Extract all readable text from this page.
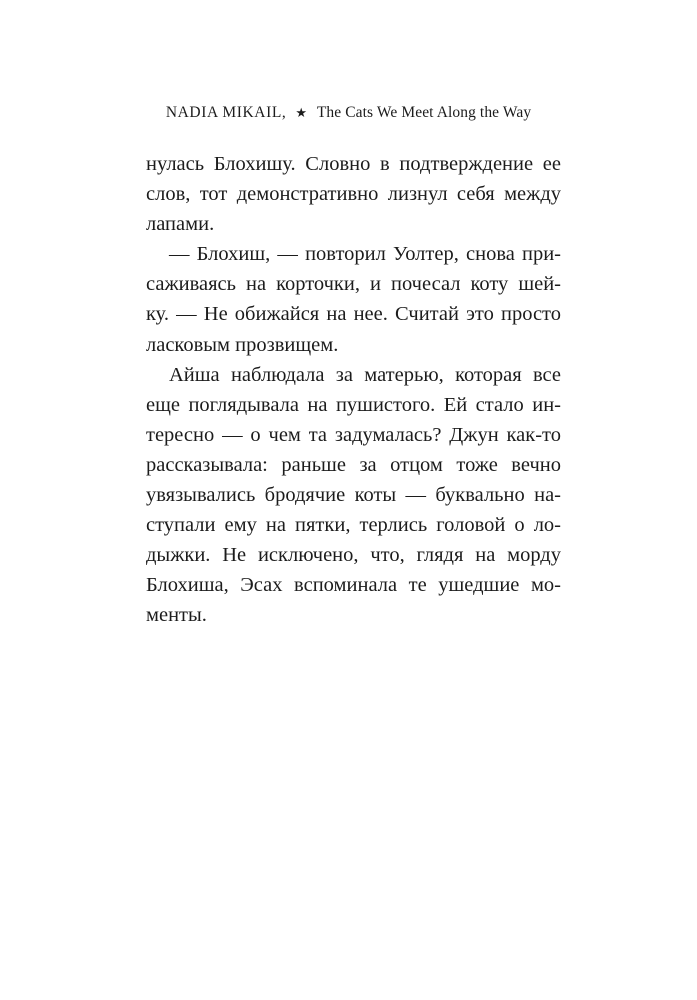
NADIA MIKAIL, ★ The Cats We Meet Along the Way
нулась Блохишу. Словно в подтверждение ее
слов, тот демонстративно лизнул себя между
лапами.
— Блохиш, — повторил Уолтер, снова при-
саживаясь на корточки, и почесал коту шей-
ку. — Не обижайся на нее. Считай это просто
ласковым прозвищем.
Айша наблюдала за матерью, которая все
еще поглядывала на пушистого. Ей стало ин-
тересно — о чем та задумалась? Джун как-то
рассказывала: раньше за отцом тоже вечно
увязывались бродячие коты — буквально на-
ступали ему на пятки, терлись головой о ло-
дыжки. Не исключено, что, глядя на морду
Блохиша, Эсах вспоминала те ушедшие мо-
менты.
